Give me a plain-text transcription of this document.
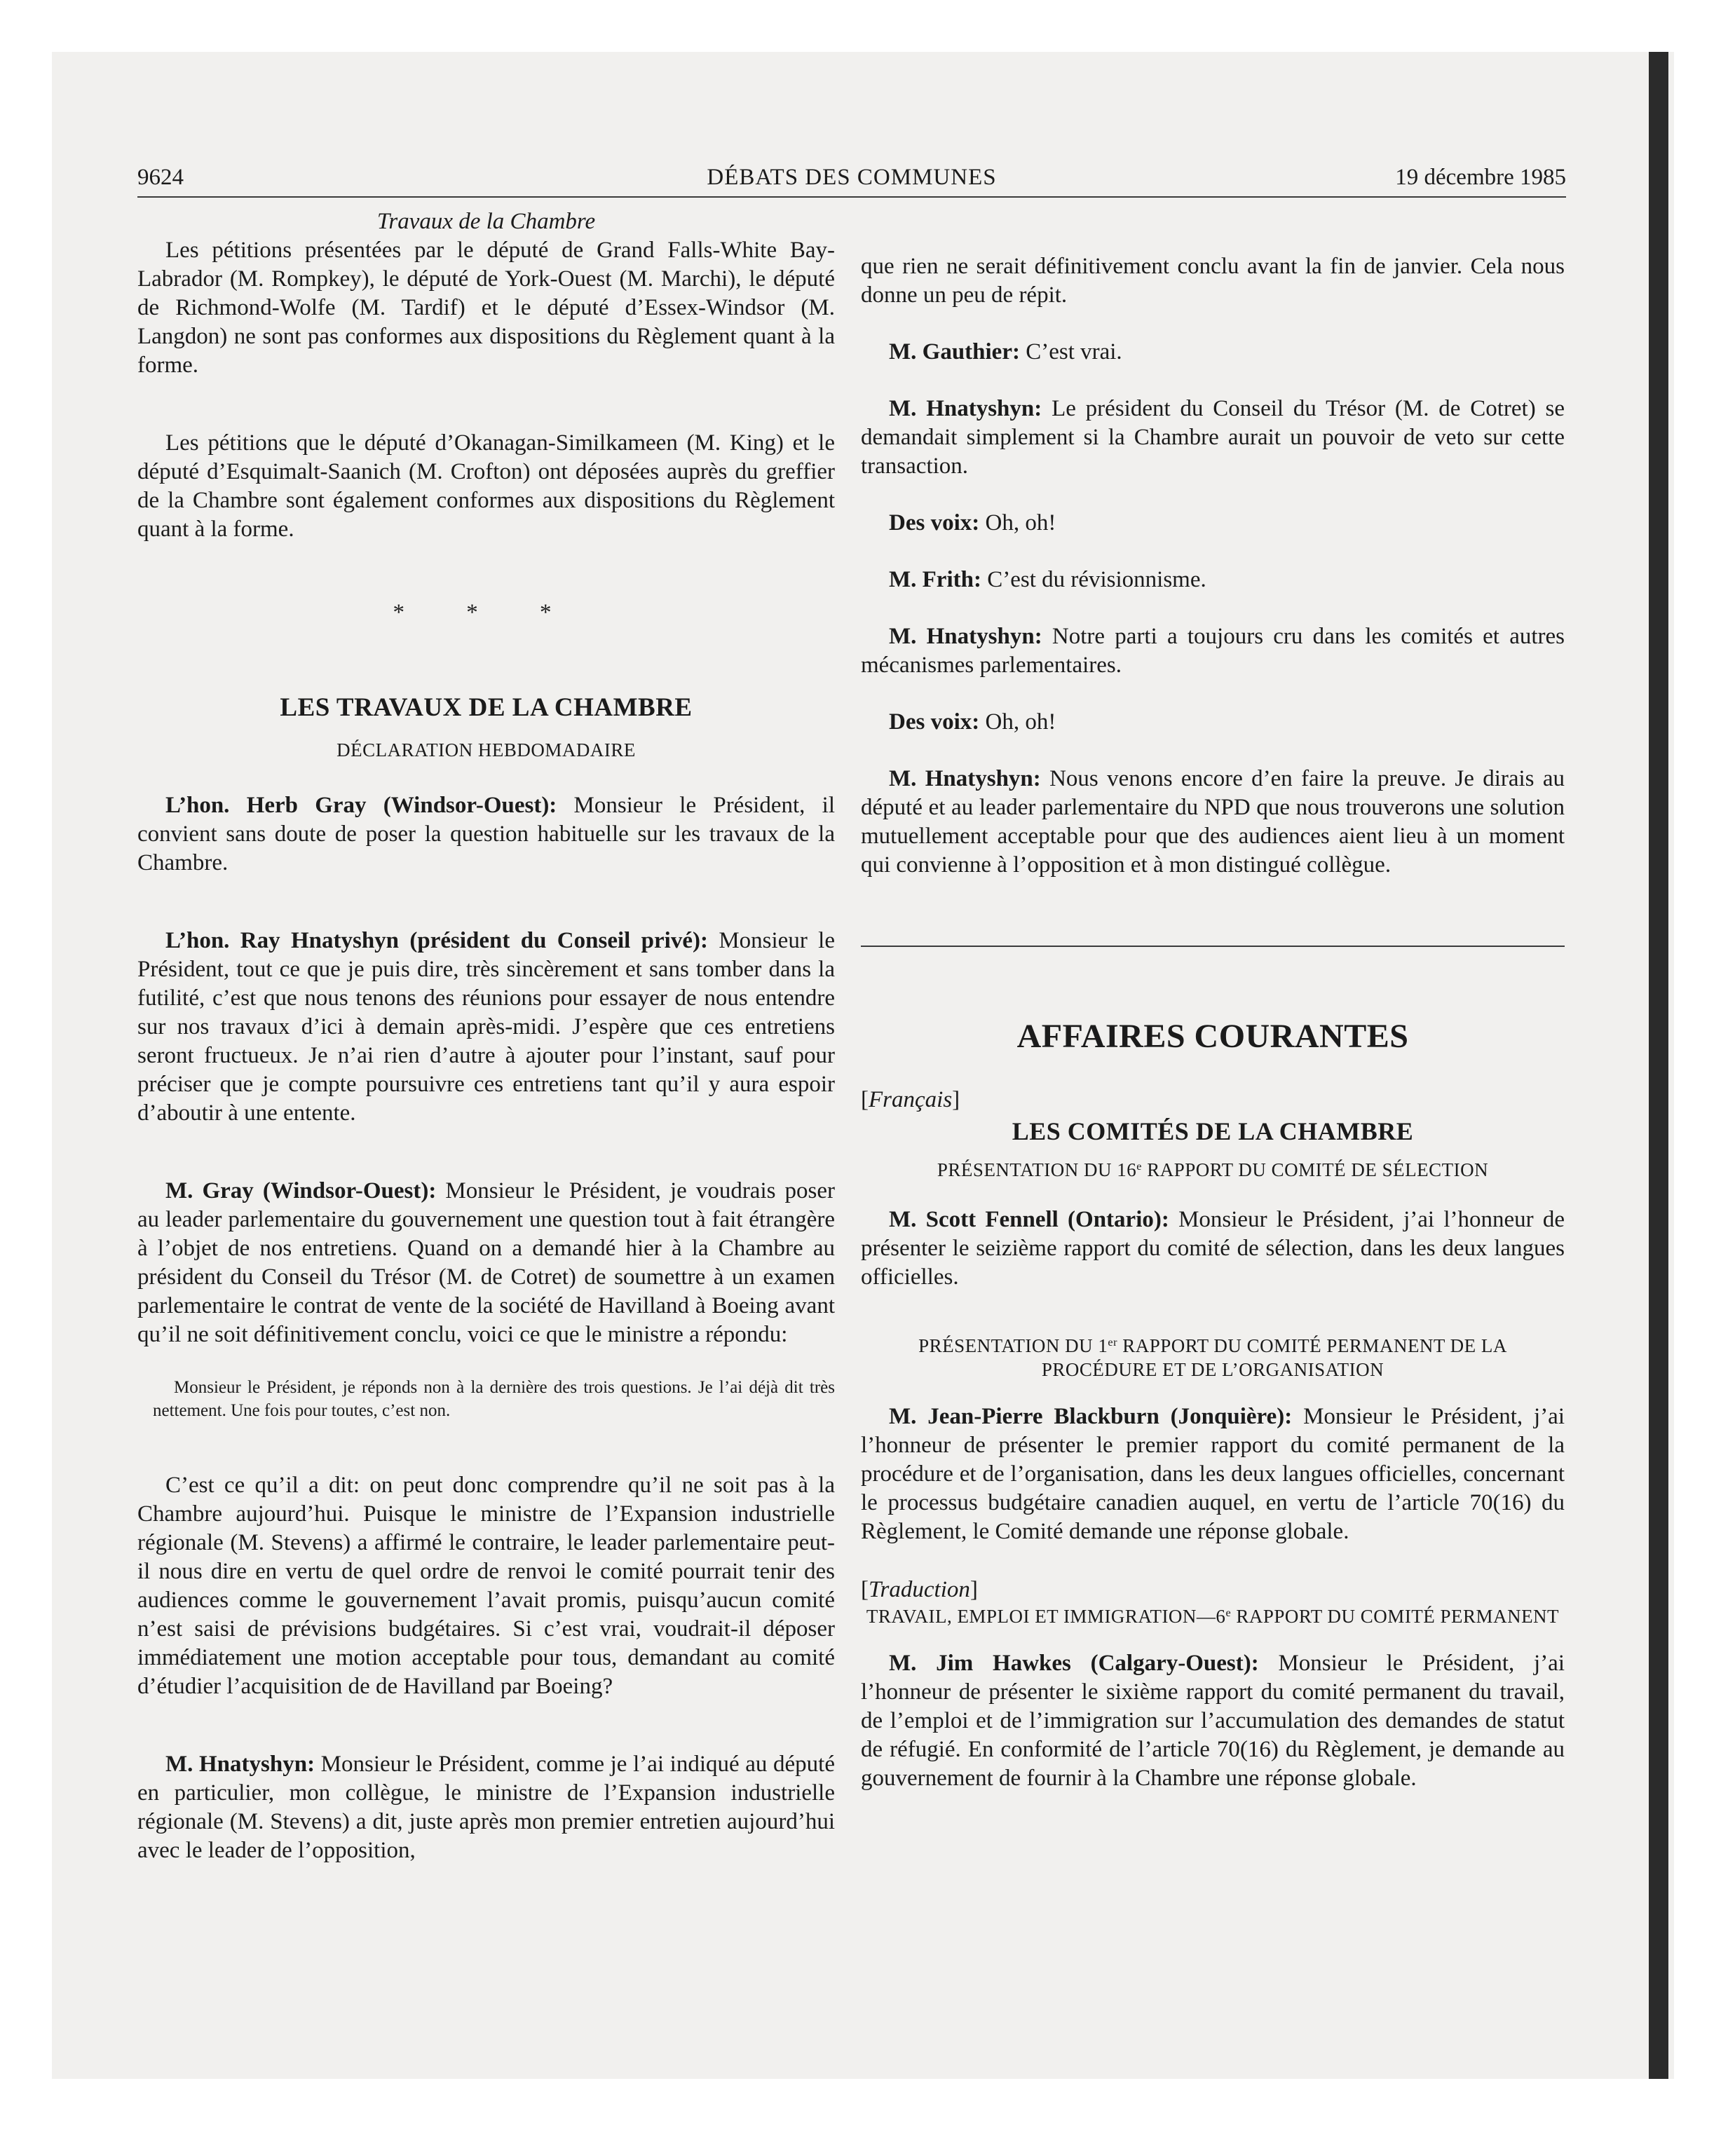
9624	DÉBATS DES COMMUNES	19 décembre 1985

Travaux de la Chambre

Les pétitions présentées par le député de Grand Falls-White Bay-Labrador (M. Rompkey), le député de York-Ouest (M. Marchi), le député de Richmond-Wolfe (M. Tardif) et le député d’Essex-Windsor (M. Langdon) ne sont pas conformes aux dispositions du Règlement quant à la forme.

Les pétitions que le député d’Okanagan-Similkameen (M. King) et le député d’Esquimalt-Saanich (M. Crofton) ont déposées auprès du greffier de la Chambre sont également conformes aux dispositions du Règlement quant à la forme.

* * *

LES TRAVAUX DE LA CHAMBRE

DÉCLARATION HEBDOMADAIRE

L’hon. Herb Gray (Windsor-Ouest): Monsieur le Président, il convient sans doute de poser la question habituelle sur les travaux de la Chambre.

L’hon. Ray Hnatyshyn (président du Conseil privé): Monsieur le Président, tout ce que je puis dire, très sincèrement et sans tomber dans la futilité, c’est que nous tenons des réunions pour essayer de nous entendre sur nos travaux d’ici à demain après-midi. J’espère que ces entretiens seront fructueux. Je n’ai rien d’autre à ajouter pour l’instant, sauf pour préciser que je compte poursuivre ces entretiens tant qu’il y aura espoir d’aboutir à une entente.

M. Gray (Windsor-Ouest): Monsieur le Président, je voudrais poser au leader parlementaire du gouvernement une question tout à fait étrangère à l’objet de nos entretiens. Quand on a demandé hier à la Chambre au président du Conseil du Trésor (M. de Cotret) de soumettre à un examen parlementaire le contrat de vente de la société de Havilland à Boeing avant qu’il ne soit définitivement conclu, voici ce que le ministre a répondu:

Monsieur le Président, je réponds non à la dernière des trois questions. Je l’ai déjà dit très nettement. Une fois pour toutes, c’est non.

C’est ce qu’il a dit: on peut donc comprendre qu’il ne soit pas à la Chambre aujourd’hui. Puisque le ministre de l’Expansion industrielle régionale (M. Stevens) a affirmé le contraire, le leader parlementaire peut-il nous dire en vertu de quel ordre de renvoi le comité pourrait tenir des audiences comme le gouvernement l’avait promis, puisqu’aucun comité n’est saisi de prévisions budgétaires. Si c’est vrai, voudrait-il déposer immédiatement une motion acceptable pour tous, demandant au comité d’étudier l’acquisition de de Havilland par Boeing?

M. Hnatyshyn: Monsieur le Président, comme je l’ai indiqué au député en particulier, mon collègue, le ministre de l’Expansion industrielle régionale (M. Stevens) a dit, juste après mon premier entretien aujourd’hui avec le leader de l’opposition,

que rien ne serait définitivement conclu avant la fin de janvier. Cela nous donne un peu de répit.

M. Gauthier: C’est vrai.

M. Hnatyshyn: Le président du Conseil du Trésor (M. de Cotret) se demandait simplement si la Chambre aurait un pouvoir de veto sur cette transaction.

Des voix: Oh, oh!

M. Frith: C’est du révisionnisme.

M. Hnatyshyn: Notre parti a toujours cru dans les comités et autres mécanismes parlementaires.

Des voix: Oh, oh!

M. Hnatyshyn: Nous venons encore d’en faire la preuve. Je dirais au député et au leader parlementaire du NPD que nous trouverons une solution mutuellement acceptable pour que des audiences aient lieu à un moment qui convienne à l’opposition et à mon distingué collègue.

AFFAIRES COURANTES

[Français]

LES COMITÉS DE LA CHAMBRE

PRÉSENTATION DU 16e RAPPORT DU COMITÉ DE SÉLECTION

M. Scott Fennell (Ontario): Monsieur le Président, j’ai l’honneur de présenter le seizième rapport du comité de sélection, dans les deux langues officielles.

PRÉSENTATION DU 1er RAPPORT DU COMITÉ PERMANENT DE LA PROCÉDURE ET DE L’ORGANISATION

M. Jean-Pierre Blackburn (Jonquière): Monsieur le Président, j’ai l’honneur de présenter le premier rapport du comité permanent de la procédure et de l’organisation, dans les deux langues officielles, concernant le processus budgétaire canadien auquel, en vertu de l’article 70(16) du Règlement, le Comité demande une réponse globale.

[Traduction]

TRAVAIL, EMPLOI ET IMMIGRATION—6e RAPPORT DU COMITÉ PERMANENT

M. Jim Hawkes (Calgary-Ouest): Monsieur le Président, j’ai l’honneur de présenter le sixième rapport du comité permanent du travail, de l’emploi et de l’immigration sur l’accumulation des demandes de statut de réfugié. En conformité de l’article 70(16) du Règlement, je demande au gouvernement de fournir à la Chambre une réponse globale.
